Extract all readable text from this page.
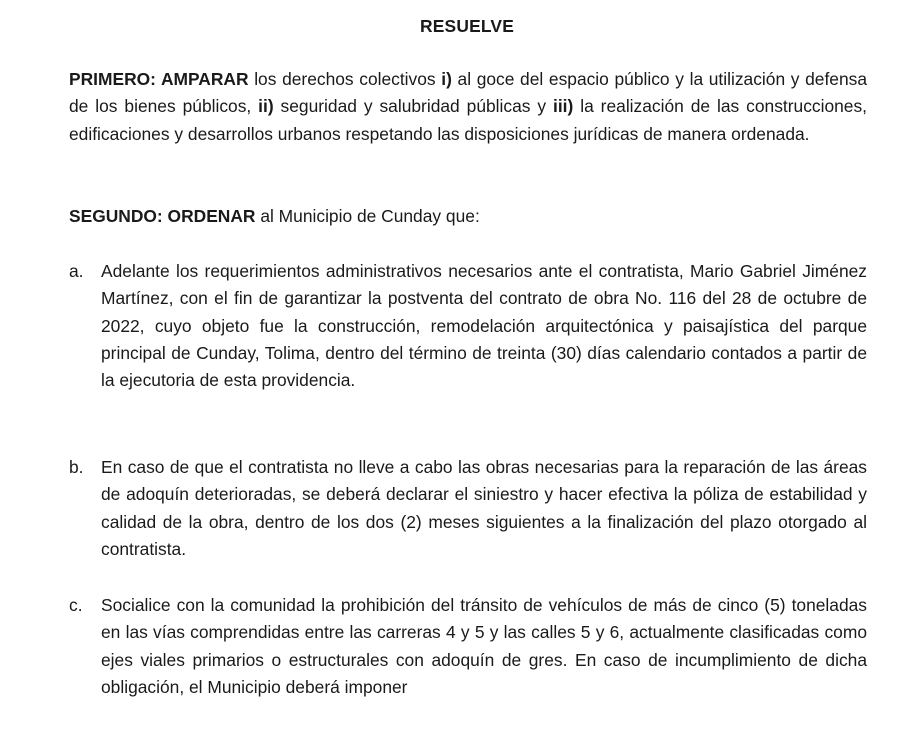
RESUELVE
PRIMERO: AMPARAR los derechos colectivos i) al goce del espacio público y la utilización y defensa de los bienes públicos, ii) seguridad y salubridad públicas y iii) la realización de las construcciones, edificaciones y desarrollos urbanos respetando las disposiciones jurídicas de manera ordenada.
SEGUNDO: ORDENAR al Municipio de Cunday que:
a.	Adelante los requerimientos administrativos necesarios ante el contratista, Mario Gabriel Jiménez Martínez, con el fin de garantizar la postventa del contrato de obra No. 116 del 28 de octubre de 2022, cuyo objeto fue la construcción, remodelación arquitectónica y paisajística del parque principal de Cunday, Tolima, dentro del término de treinta (30) días calendario contados a partir de la ejecutoria de esta providencia.
b.	En caso de que el contratista no lleve a cabo las obras necesarias para la reparación de las áreas de adoquín deterioradas, se deberá declarar el siniestro y hacer efectiva la póliza de estabilidad y calidad de la obra, dentro de los dos (2) meses siguientes a la finalización del plazo otorgado al contratista.
c.	Socialice con la comunidad la prohibición del tránsito de vehículos de más de cinco (5) toneladas en las vías comprendidas entre las carreras 4 y 5 y las calles 5 y 6, actualmente clasificadas como ejes viales primarios o estructurales con adoquín de gres. En caso de incumplimiento de dicha obligación, el Municipio deberá imponer
